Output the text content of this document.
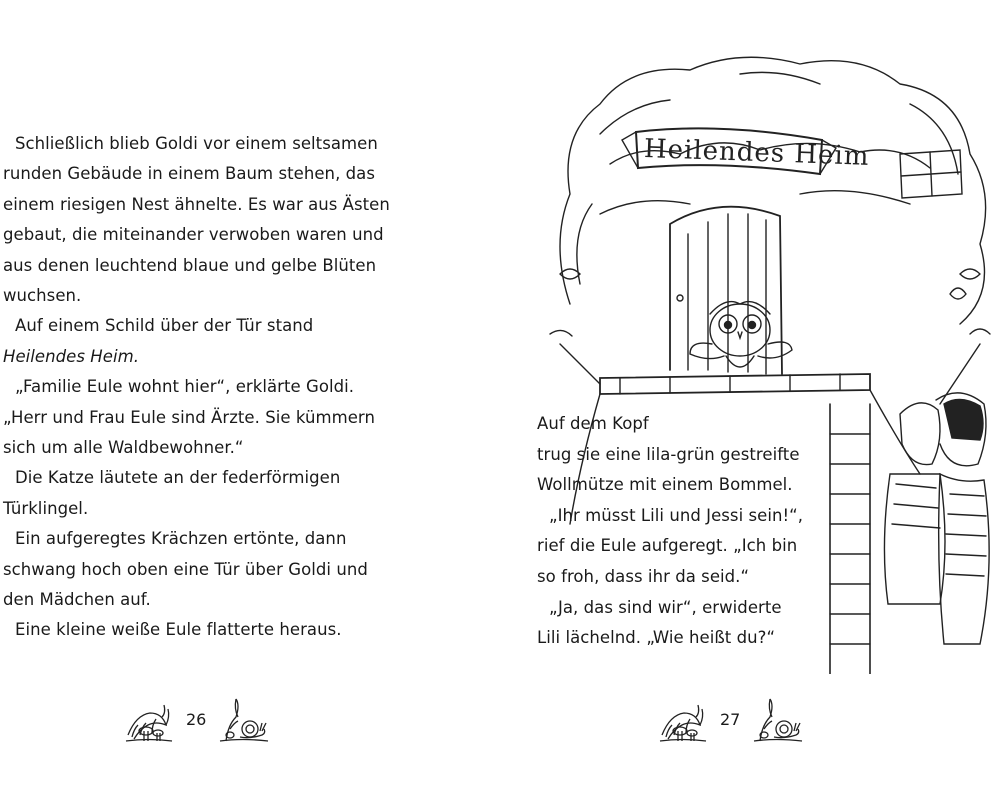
Schließlich blieb Goldi vor einem seltsamen
runden Gebäude in einem Baum stehen, das
einem riesigen Nest ähnelte. Es war aus Ästen
gebaut, die miteinander verwoben waren und
aus denen leuchtend blaue und gelbe Blüten
wuchsen.
Auf einem Schild über der Tür stand
Heilendes Heim.
„Familie Eule wohnt hier“, erklärte Goldi.
„Herr und Frau Eule sind Ärzte. Sie kümmern
sich um alle Waldbewohner.“
Die Katze läutete an der federförmigen
Türklingel.
Ein aufgeregtes Krächzen ertönte, dann
schwang hoch oben eine Tür über Goldi und
den Mädchen auf.
Eine kleine weiße Eule flatterte heraus.
26
Heilendes Heim
Auf dem Kopf
trug sie eine lila-grün gestreifte
Wollmütze mit einem Bommel.
„Ihr müsst Lili und Jessi sein!“,
rief die Eule aufgeregt. „Ich bin
so froh, dass ihr da seid.“
„Ja, das sind wir“, erwiderte
Lili lächelnd. „Wie heißt du?“
27
